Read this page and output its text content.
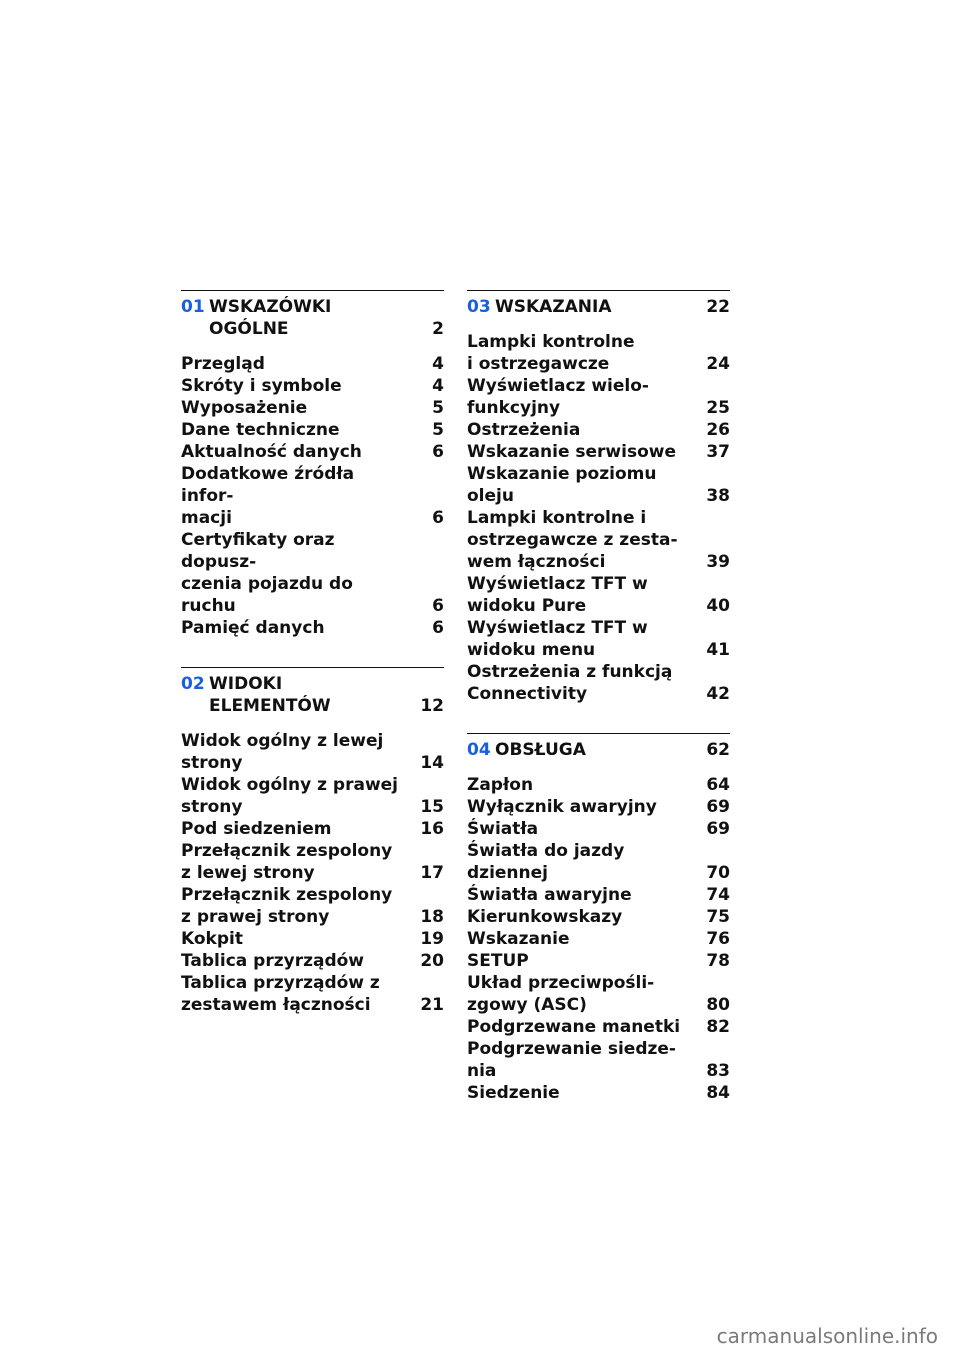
01 WSKAZÓWKI
OGÓLNE	2
Przegląd	4
Skróty i symbole	4
Wyposażenie	5
Dane techniczne	5
Aktualność danych	6
Dodatkowe źródła infor-
macji	6
Certyfikaty oraz dopusz-
czenia pojazdu do ruchu	6
Pamięć danych	6
02 WIDOKI
ELEMENTÓW	12
Widok ogólny z lewej
strony	14
Widok ogólny z prawej
strony	15
Pod siedzeniem	16
Przełącznik zespolony
z lewej strony	17
Przełącznik zespolony
z prawej strony	18
Kokpit	19
Tablica przyrządów	20
Tablica przyrządów z
zestawem łączności	21
03 WSKAZANIA	22
Lampki kontrolne
i ostrzegawcze	24
Wyświetlacz wielo-
funkcyjny	25
Ostrzeżenia	26
Wskazanie serwisowe	37
Wskazanie poziomu
oleju	38
Lampki kontrolne i
ostrzegawcze z zesta-
wem łączności	39
Wyświetlacz TFT w
widoku Pure	40
Wyświetlacz TFT w
widoku menu	41
Ostrzeżenia z funkcją
Connectivity	42
04 OBSŁUGA	62
Zapłon	64
Wyłącznik awaryjny	69
Światła	69
Światła do jazdy
dziennej	70
Światła awaryjne	74
Kierunkowskazy	75
Wskazanie	76
SETUP	78
Układ przeciwpośli-
zgowy (ASC)	80
Podgrzewane manetki	82
Podgrzewanie siedze-
nia	83
Siedzenie	84
carmanualsonline.info
